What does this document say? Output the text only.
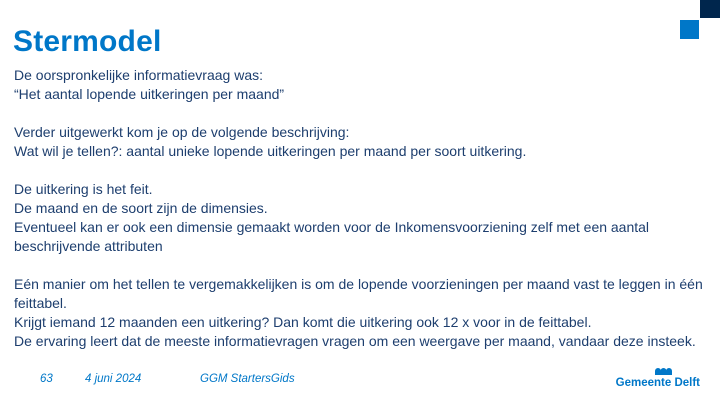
Stermodel
De oorspronkelijke informatievraag was:
“Het aantal lopende uitkeringen per maand”
Verder uitgewerkt kom je op de volgende beschrijving:
Wat wil je tellen?: aantal unieke lopende uitkeringen per maand per soort uitkering.
De uitkering is het feit.
De maand en de soort zijn de dimensies.
Eventueel kan er ook een dimensie gemaakt worden voor de Inkomensvoorziening zelf met een aantal
beschrijvende attributen
Eén manier om het tellen te vergemakkelijken is om de lopende voorzieningen per maand vast te leggen in één
feittabel.
Krijgt iemand 12 maanden een uitkering? Dan komt die uitkering ook 12 x voor in de feittabel.
De ervaring leert dat de meeste informatievragen vragen om een weergave per maand, vandaar deze insteek.
63	4 juni 2024	GGM StartersGids	Gemeente Delft
